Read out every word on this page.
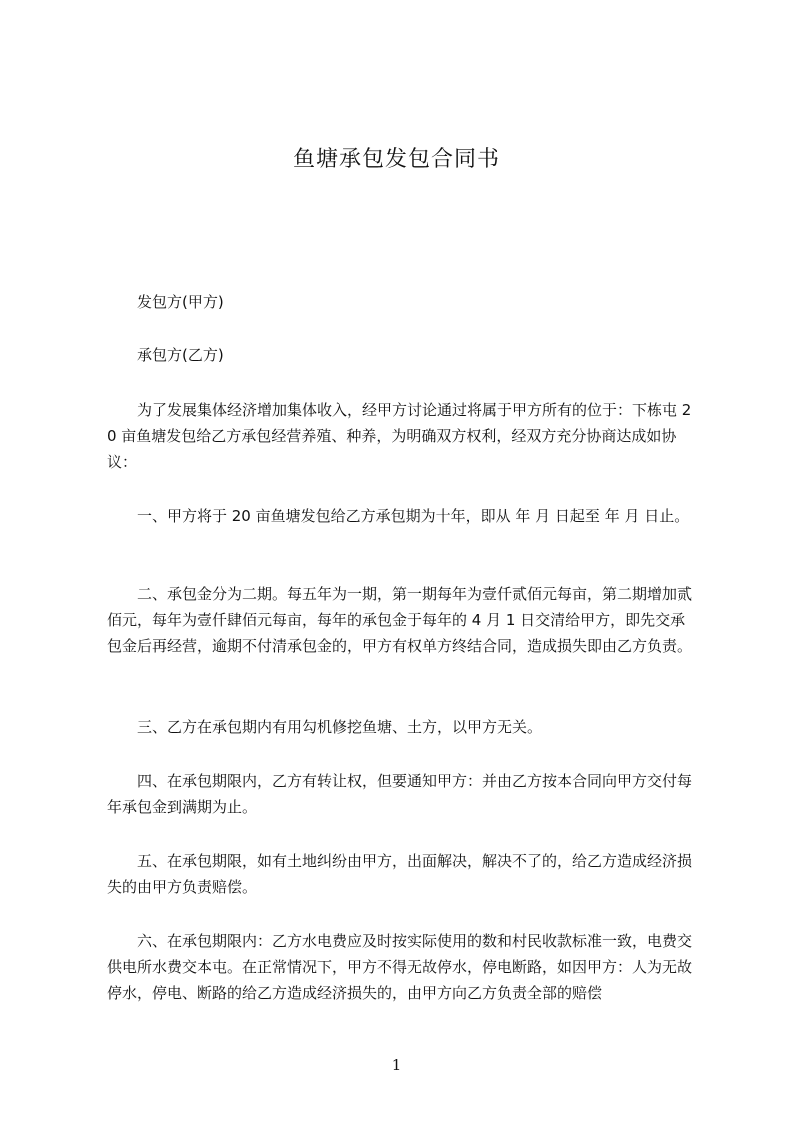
鱼塘承包发包合同书

发包方(甲方)

承包方(乙方)

为了发展集体经济增加集体收入，经甲方讨论通过将属于甲方所有的位于：下栋屯 20 亩鱼塘发包给乙方承包经营养殖、种养，为明确双方权利，经双方充分协商达成如协议：

一、甲方将于 20 亩鱼塘发包给乙方承包期为十年，即从 年 月 日起至 年 月 日止。

二、承包金分为二期。每五年为一期，第一期每年为壹仟贰佰元每亩，第二期增加贰佰元，每年为壹仟肆佰元每亩，每年的承包金于每年的 4 月 1 日交清给甲方，即先交承包金后再经营，逾期不付清承包金的，甲方有权单方终结合同，造成损失即由乙方负责。

三、乙方在承包期内有用勾机修挖鱼塘、土方，以甲方无关。

四、在承包期限内，乙方有转让权，但要通知甲方：并由乙方按本合同向甲方交付每年承包金到满期为止。

五、在承包期限，如有土地纠纷由甲方，出面解决，解决不了的，给乙方造成经济损失的由甲方负责赔偿。

六、在承包期限内：乙方水电费应及时按实际使用的数和村民收款标准一致，电费交供电所水费交本屯。在正常情况下，甲方不得无故停水，停电断路，如因甲方：人为无故停水，停电、断路的给乙方造成经济损失的，由甲方向乙方负责全部的赔偿

1
